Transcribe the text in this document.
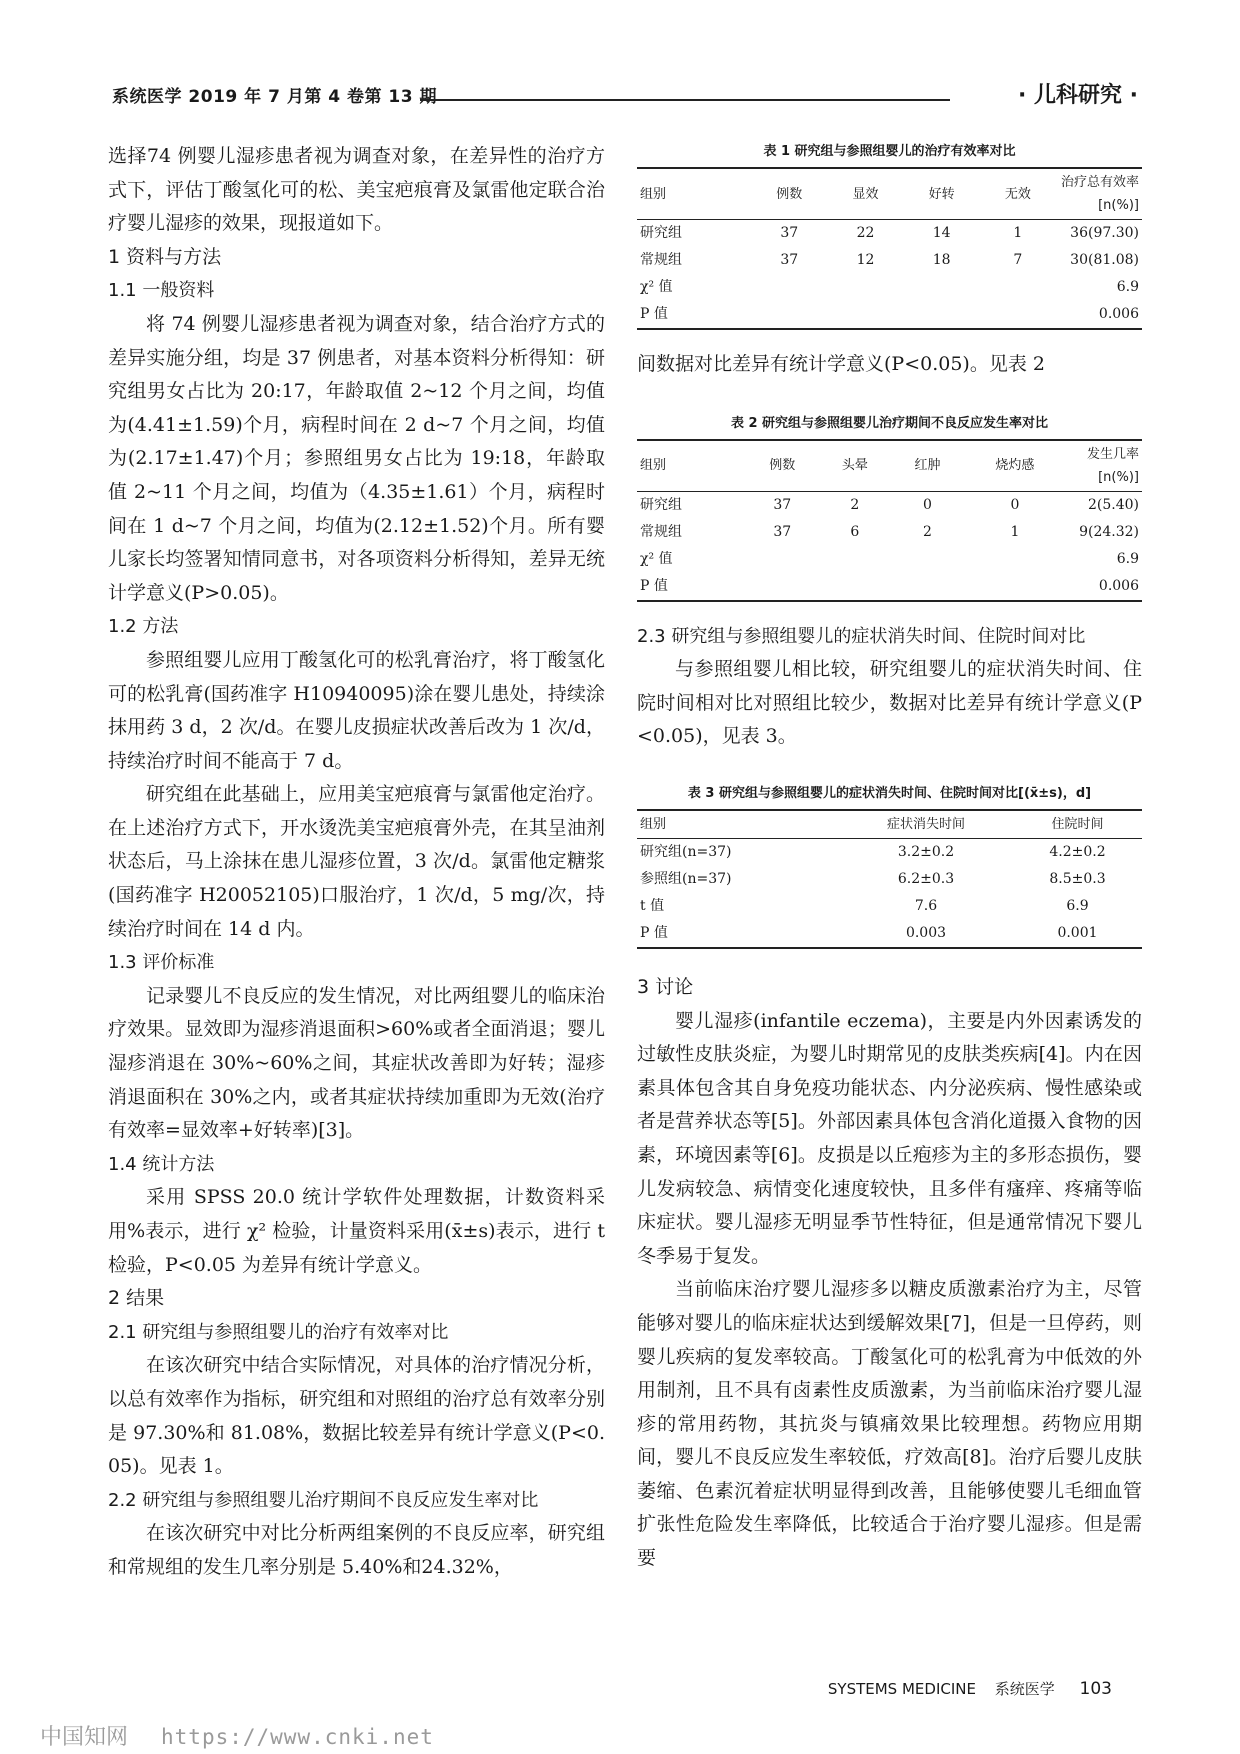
系统医学 2019 年 7 月第 4 卷第 13 期	· 儿科研究 ·

选择74 例婴儿湿疹患者视为调查对象，在差异性的治疗方式下，评估丁酸氢化可的松、美宝疤痕膏及氯雷他定联合治疗婴儿湿疹的效果，现报道如下。

1 资料与方法

1.1 一般资料

将 74 例婴儿湿疹患者视为调查对象，结合治疗方式的差异实施分组，均是 37 例患者，对基本资料分析得知：研究组男女占比为 20:17，年龄取值 2~12 个月之间，均值为(4.41±1.59)个月，病程时间在 2 d~7 个月之间，均值为(2.17±1.47)个月；参照组男女占比为 19:18，年龄取值 2~11 个月之间，均值为（4.35±1.61）个月，病程时间在 1 d~7 个月之间，均值为(2.12±1.52)个月。所有婴儿家长均签署知情同意书，对各项资料分析得知，差异无统计学意义(P>0.05)。

1.2 方法

参照组婴儿应用丁酸氢化可的松乳膏治疗，将丁酸氢化可的松乳膏(国药准字 H10940095)涂在婴儿患处，持续涂抹用药 3 d，2 次/d。在婴儿皮损症状改善后改为 1 次/d，持续治疗时间不能高于 7 d。

研究组在此基础上，应用美宝疤痕膏与氯雷他定治疗。在上述治疗方式下，开水烫洗美宝疤痕膏外壳，在其呈油剂状态后，马上涂抹在患儿湿疹位置，3 次/d。氯雷他定糖浆(国药准字 H20052105)口服治疗，1 次/d，5 mg/次，持续治疗时间在 14 d 内。

1.3 评价标准

记录婴儿不良反应的发生情况，对比两组婴儿的临床治疗效果。显效即为湿疹消退面积>60%或者全面消退；婴儿湿疹消退在 30%~60%之间，其症状改善即为好转；湿疹消退面积在 30%之内，或者其症状持续加重即为无效(治疗有效率=显效率+好转率)[3]。

1.4 统计方法

采用 SPSS 20.0 统计学软件处理数据，计数资料采用%表示，进行 χ² 检验，计量资料采用(x̄±s)表示，进行 t 检验，P<0.05 为差异有统计学意义。

2 结果

2.1 研究组与参照组婴儿的治疗有效率对比

在该次研究中结合实际情况，对具体的治疗情况分析，以总有效率作为指标，研究组和对照组的治疗总有效率分别是 97.30%和 81.08%，数据比较差异有统计学意义(P<0.05)。见表 1。

2.2 研究组与参照组婴儿治疗期间不良反应发生率对比

在该次研究中对比分析两组案例的不良反应率，研究组和常规组的发生几率分别是 5.40%和24.32%，

表 1 研究组与参照组婴儿的治疗有效率对比

组别	例数	显效	好转	无效	治疗总有效率[n(%)]
研究组	37	22	14	1	36(97.30)
常规组	37	12	18	7	30(81.08)
χ² 值					6.9
P 值					0.006

间数据对比差异有统计学意义(P<0.05)。见表 2

表 2 研究组与参照组婴儿治疗期间不良反应发生率对比

组别	例数	头晕	红肿	烧灼感	发生几率[n(%)]
研究组	37	2	0	0	2(5.40)
常规组	37	6	2	1	9(24.32)
χ² 值					6.9
P 值					0.006

2.3 研究组与参照组婴儿的症状消失时间、住院时间对比

与参照组婴儿相比较，研究组婴儿的症状消失时间、住院时间相对比对照组比较少，数据对比差异有统计学意义(P<0.05)，见表 3。

表 3 研究组与参照组婴儿的症状消失时间、住院时间对比[(x̄±s)，d]

组别	症状消失时间	住院时间
研究组(n=37)	3.2±0.2	4.2±0.2
参照组(n=37)	6.2±0.3	8.5±0.3
t 值	7.6	6.9
P 值	0.003	0.001

3 讨论

婴儿湿疹(infantile eczema)，主要是内外因素诱发的过敏性皮肤炎症，为婴儿时期常见的皮肤类疾病[4]。内在因素具体包含其自身免疫功能状态、内分泌疾病、慢性感染或者是营养状态等[5]。外部因素具体包含消化道摄入食物的因素，环境因素等[6]。皮损是以丘疱疹为主的多形态损伤，婴儿发病较急、病情变化速度较快，且多伴有瘙痒、疼痛等临床症状。婴儿湿疹无明显季节性特征，但是通常情况下婴儿冬季易于复发。

当前临床治疗婴儿湿疹多以糖皮质激素治疗为主，尽管能够对婴儿的临床症状达到缓解效果[7]，但是一旦停药，则婴儿疾病的复发率较高。丁酸氢化可的松乳膏为中低效的外用制剂，且不具有卤素性皮质激素，为当前临床治疗婴儿湿疹的常用药物，其抗炎与镇痛效果比较理想。药物应用期间，婴儿不良反应发生率较低，疗效高[8]。治疗后婴儿皮肤萎缩、色素沉着症状明显得到改善，且能够使婴儿毛细血管扩张性危险发生率降低，比较适合于治疗婴儿湿疹。但是需要

SYSTEMS MEDICINE 系统医学 103
中国知网 https://www.cnki.net
